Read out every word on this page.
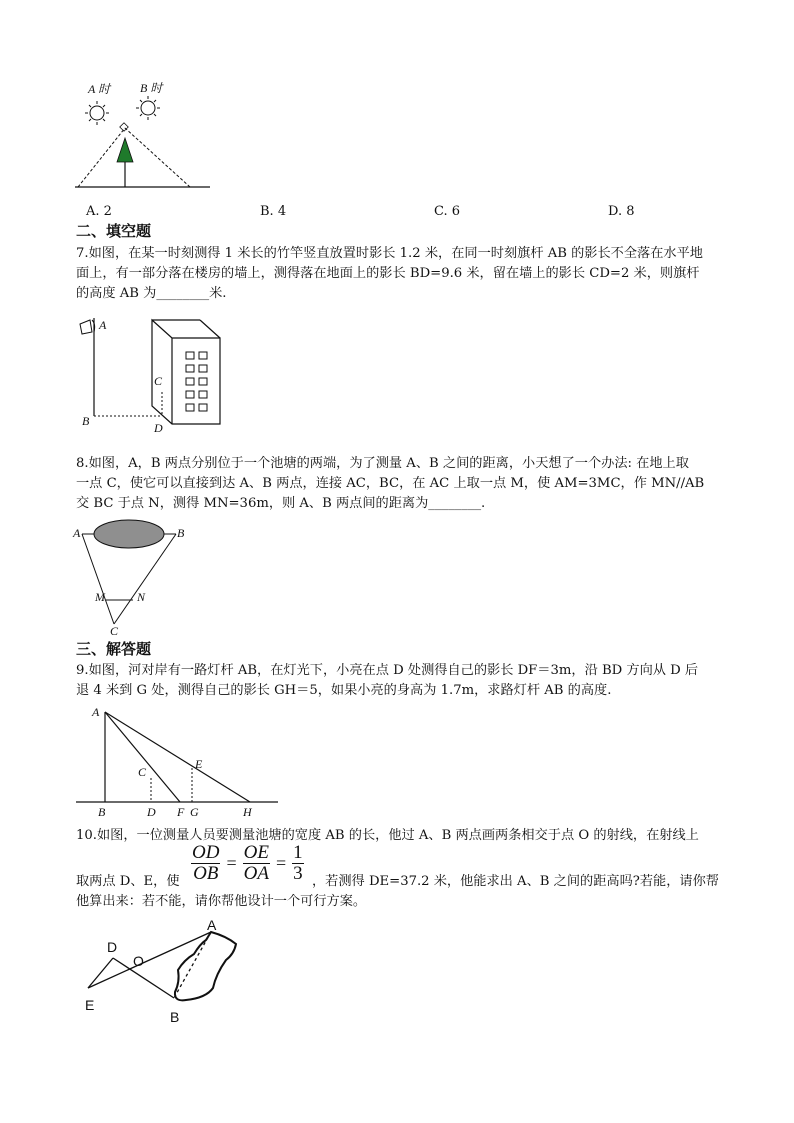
A 时 B 时
A. 2	B. 4	C. 6	D. 8
二、填空题

7.如图，在某一时刻测得 1 米长的竹竿竖直放置时影长 1.2 米，在同一时刻旗杆 AB 的影长不全落在水平地

面上，有一部分落在楼房的墙上，测得落在地面上的影长 BD=9.6 米，留在墙上的影长 CD=2 米，则旗杆

的高度 AB 为________米.

A
B
C
D

8.如图，A，B 两点分别位于一个池塘的两端，为了测量 A、B 之间的距离，小天想了一个办法: 在地上取

一点 C，使它可以直接到达 A、B 两点，连接 AC，BC，在 AC 上取一点 M，使 AM=3MC，作 MN//AB

交 BC 于点 N，测得 MN=36m，则 A、B 两点间的距离为________.

A	B
M	N
C
三、解答题

9.如图，河对岸有一路灯杆 AB，在灯光下，小亮在点 D 处测得自己的影长 DF＝3m，沿 BD 方向从 D 后

退 4 米到 G 处，测得自己的影长 GH＝5，如果小亮的身高为 1.7m，求路灯杆 AB 的高度.

A
B
C
D
E
F G	H

10.如图，一位测量人员要测量池塘的宽度 AB 的长，他过 A、B 两点画两条相交于点 O 的射线，在射线上

取两点 D、E，使 $\frac{OD}{OB} = \frac{OE}{OA} = \frac{1}{3}$ ，若测得 DE=37.2 米，他能求出 A、B 之间的距高吗?若能，请你帮
他算出来：若不能，请你帮他设计一个可行方案。
D
O
E
A
B
